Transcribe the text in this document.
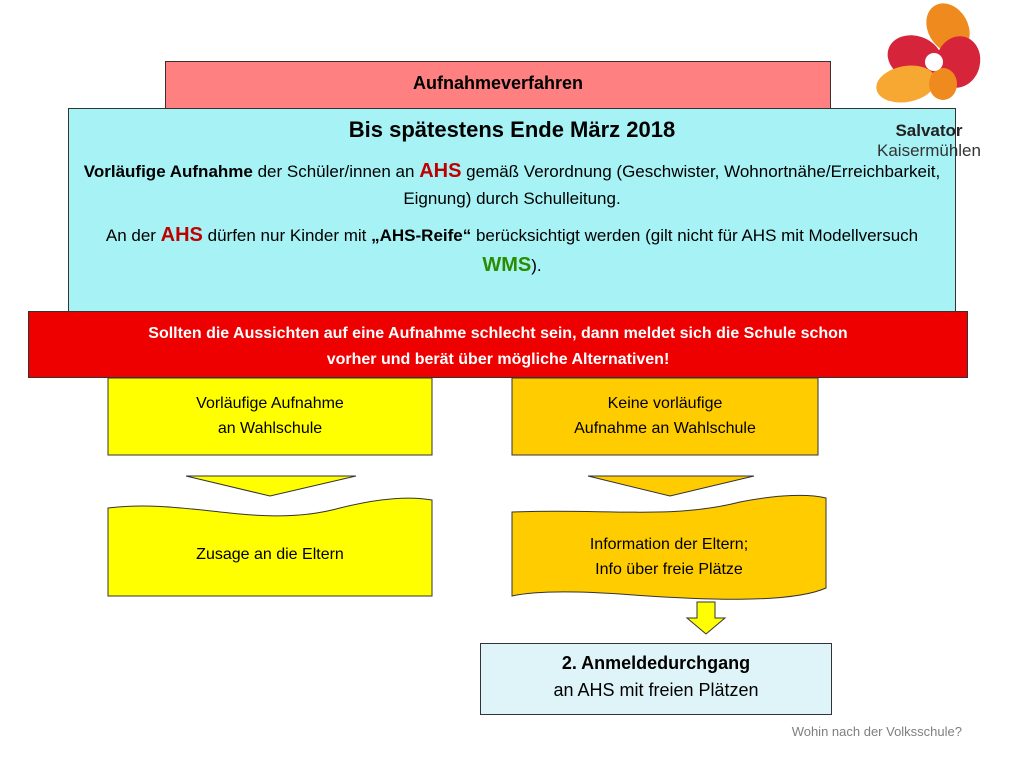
Aufnahmeverfahren
Bis spätestens Ende März 2018

Vorläufige Aufnahme der Schüler/innen an AHS gemäß Verordnung (Geschwister, Wohnortnähe/Erreichbarkeit, Eignung) durch Schulleitung.

An der AHS dürfen nur Kinder mit „AHS-Reife“ berücksichtigt werden (gilt nicht für AHS mit Modellversuch WMS).

Sollten die Aussichten auf eine Aufnahme schlecht sein, dann meldet sich die Schule schon
vorher und berät über mögliche Alternativen!
Vorläufige Aufnahme
an Wahlschule
Zusage an die Eltern
Keine vorläufige
Aufnahme an Wahlschule
Information der Eltern;
Info über freie Plätze
2. Anmeldedurchgang
an AHS mit freien Plätzen
Salvator
Kaisermühlen
Wohin nach der Volksschule?
